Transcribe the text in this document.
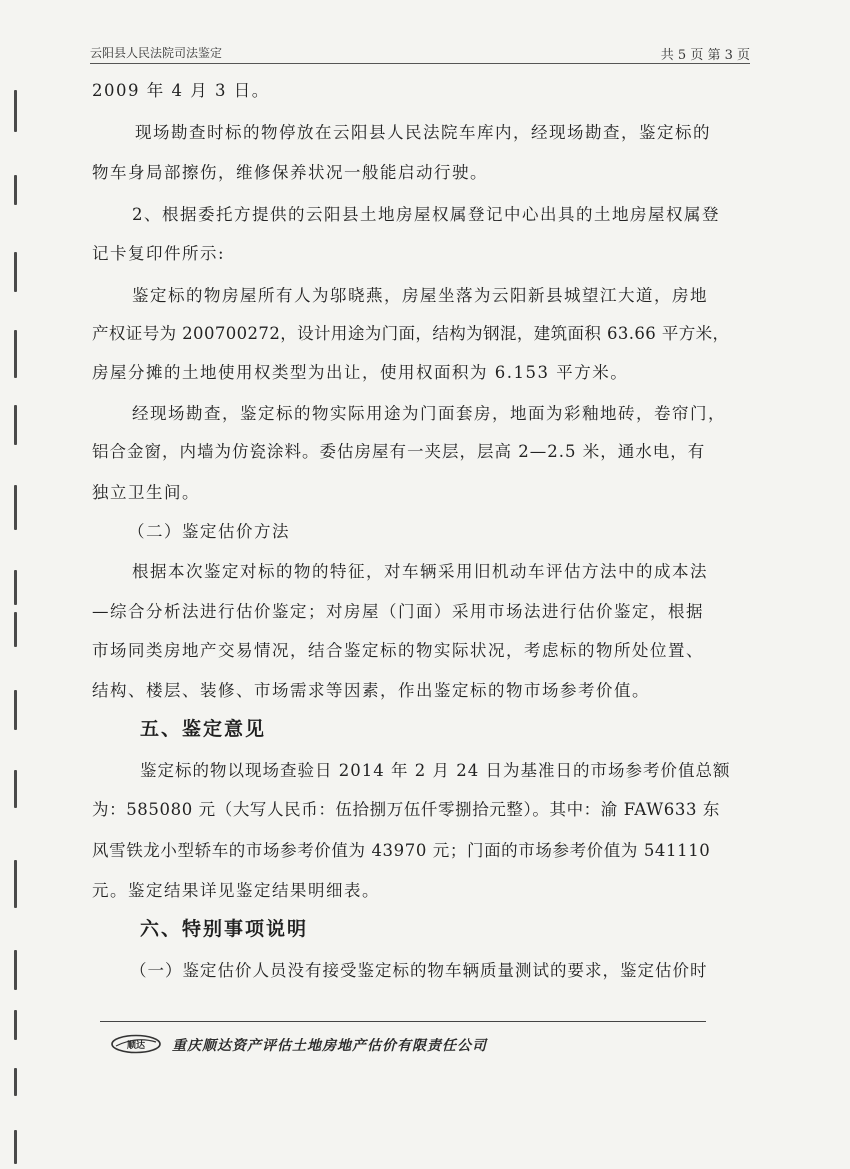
云阳县人民法院司法鉴定	共 5 页 第 3 页
2009 年 4 月 3 日。
现场勘查时标的物停放在云阳县人民法院车库内，经现场勘查，鉴定标的
物车身局部擦伤，维修保养状况一般能启动行驶。
2、根据委托方提供的云阳县土地房屋权属登记中心出具的土地房屋权属登
记卡复印件所示:
鉴定标的物房屋所有人为邬晓燕，房屋坐落为云阳新县城望江大道，房地
产权证号为 200700272，设计用途为门面，结构为钢混，建筑面积 63.66 平方米，
房屋分摊的土地使用权类型为出让，使用权面积为 6.153 平方米。
经现场勘查，鉴定标的物实际用途为门面套房，地面为彩釉地砖，卷帘门，
铝合金窗，内墙为仿瓷涂料。委估房屋有一夹层，层高 2—2.5 米，通水电，有
独立卫生间。
（二）鉴定估价方法
根据本次鉴定对标的物的特征，对车辆采用旧机动车评估方法中的成本法
—综合分析法进行估价鉴定；对房屋（门面）采用市场法进行估价鉴定，根据
市场同类房地产交易情况，结合鉴定标的物实际状况，考虑标的物所处位置、
结构、楼层、装修、市场需求等因素，作出鉴定标的物市场参考价值。
五、鉴定意见
鉴定标的物以现场查验日 2014 年 2 月 24 日为基准日的市场参考价值总额
为：585080 元（大写人民币：伍拾捌万伍仟零捌拾元整）。其中：渝 FAW633 东
风雪铁龙小型轿车的市场参考价值为 43970 元；门面的市场参考价值为 541110
元。鉴定结果详见鉴定结果明细表。
六、特别事项说明
（一）鉴定估价人员没有接受鉴定标的物车辆质量测试的要求，鉴定估价时
顺达 重庆顺达资产评估土地房地产估价有限责任公司
